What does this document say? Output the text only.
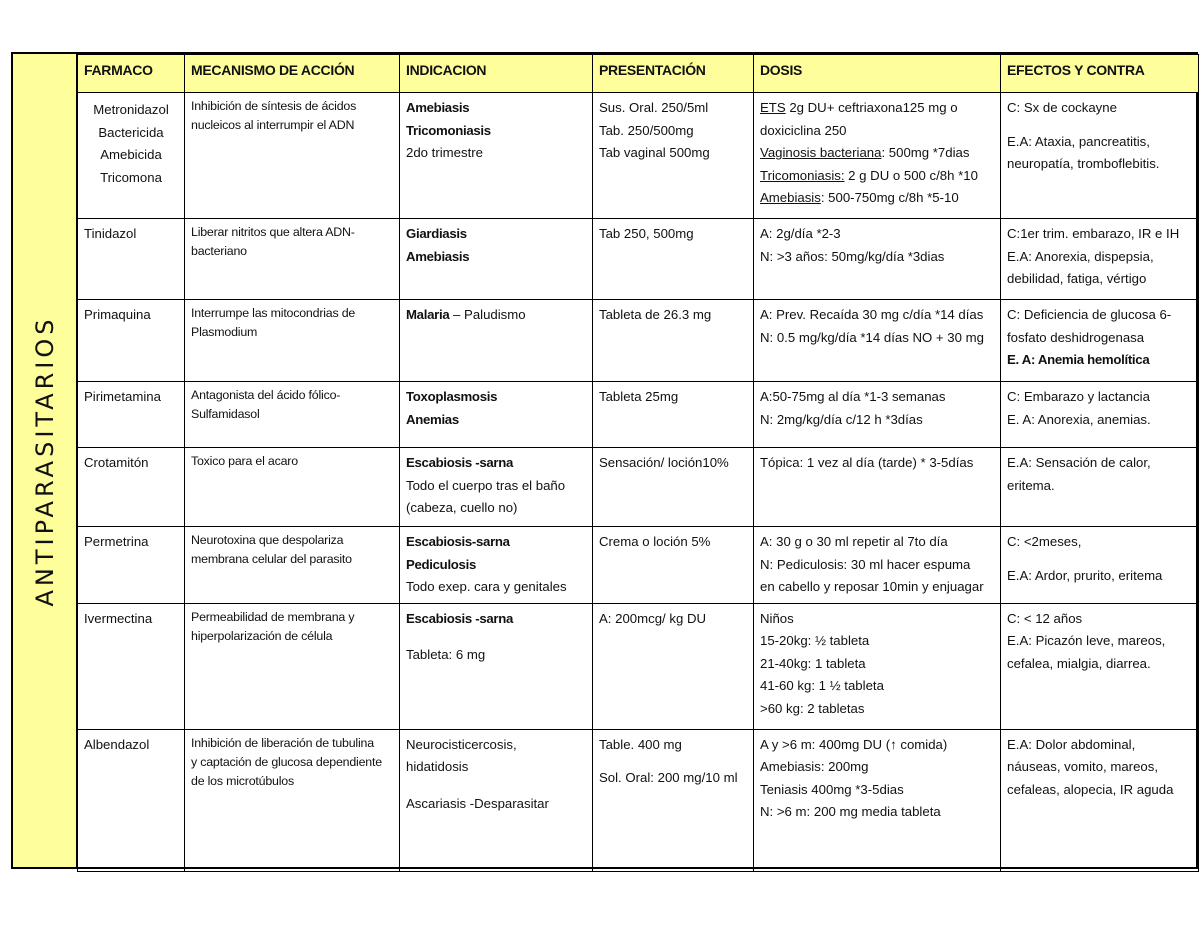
ANTIPARASITARIOS
FARMACO	MECANISMO DE ACCIÓN	INDICACION	PRESENTACIÓN	DOSIS	EFECTOS Y CONTRA

Metronidazol
Bactericida
Amebicida
Tricomona	Inhibición de síntesis de ácidos
nucleicos al interrumpir el ADN	Amebiasis
Tricomoniasis
2do trimestre	Sus. Oral. 250/5ml
Tab. 250/500mg
Tab vaginal 500mg	ETS 2g DU+ ceftriaxona125 mg o
doxiciclina 250
Vaginosis bacteriana: 500mg *7dias
Tricomoniasis: 2 g DU o 500 c/8h *10
Amebiasis: 500-750mg c/8h *5-10	C: Sx de cockayne
E.A: Ataxia, pancreatitis,
neuropatía, tromboflebitis.

Tinidazol	Liberar nitritos que altera ADN-
bacteriano	Giardiasis
Amebiasis	Tab 250, 500mg	A: 2g/día *2-3
N: >3 años: 50mg/kg/día *3dias	C:1er trim. embarazo, IR e IH
E.A: Anorexia, dispepsia,
debilidad, fatiga, vértigo

Primaquina	Interrumpe las mitocondrias de
Plasmodium	Malaria – Paludismo	Tableta de 26.3 mg	A: Prev. Recaída 30 mg c/día *14 días
N: 0.5 mg/kg/día *14 días NO + 30 mg	C: Deficiencia de glucosa 6-
fosfato deshidrogenasa
E. A: Anemia hemolítica

Pirimetamina	Antagonista del ácido fólico-
Sulfamidasol	Toxoplasmosis
Anemias	Tableta 25mg	A:50-75mg al día *1-3 semanas
N: 2mg/kg/día c/12 h *3días	C: Embarazo y lactancia
E. A: Anorexia, anemias.

Crotamitón	Toxico para el acaro	Escabiosis -sarna
Todo el cuerpo tras el baño
(cabeza, cuello no)	Sensación/ loción10%	Tópica: 1 vez al día (tarde) * 3-5días	E.A: Sensación de calor,
eritema.

Permetrina	Neurotoxina que despolariza
membrana celular del parasito	Escabiosis-sarna
Pediculosis
Todo exep. cara y genitales	Crema o loción 5%	A: 30 g o 30 ml repetir al 7to día
N: Pediculosis: 30 ml hacer espuma
en cabello y reposar 10min y enjuagar	C: <2meses,
E.A: Ardor, prurito, eritema

Ivermectina	Permeabilidad de membrana y
hiperpolarización de célula	Escabiosis -sarna
Tableta: 6 mg	A: 200mcg/ kg DU	Niños
15-20kg: ½ tableta
21-40kg: 1 tableta
41-60 kg: 1 ½ tableta
>60 kg: 2 tabletas	C: < 12 años
E.A: Picazón leve, mareos,
cefalea, mialgia, diarrea.

Albendazol	Inhibición de liberación de tubulina
y captación de glucosa dependiente
de los microtúbulos	Neurocisticercosis,
hidatidosis
Ascariasis -Desparasitar	Table. 400 mg
Sol. Oral: 200 mg/10 ml	A y >6 m: 400mg DU (↑ comida)
Amebiasis: 200mg
Teniasis 400mg *3-5dias
N: >6 m: 200 mg media tableta	E.A: Dolor abdominal,
náuseas, vomito, mareos,
cefaleas, alopecia, IR aguda
